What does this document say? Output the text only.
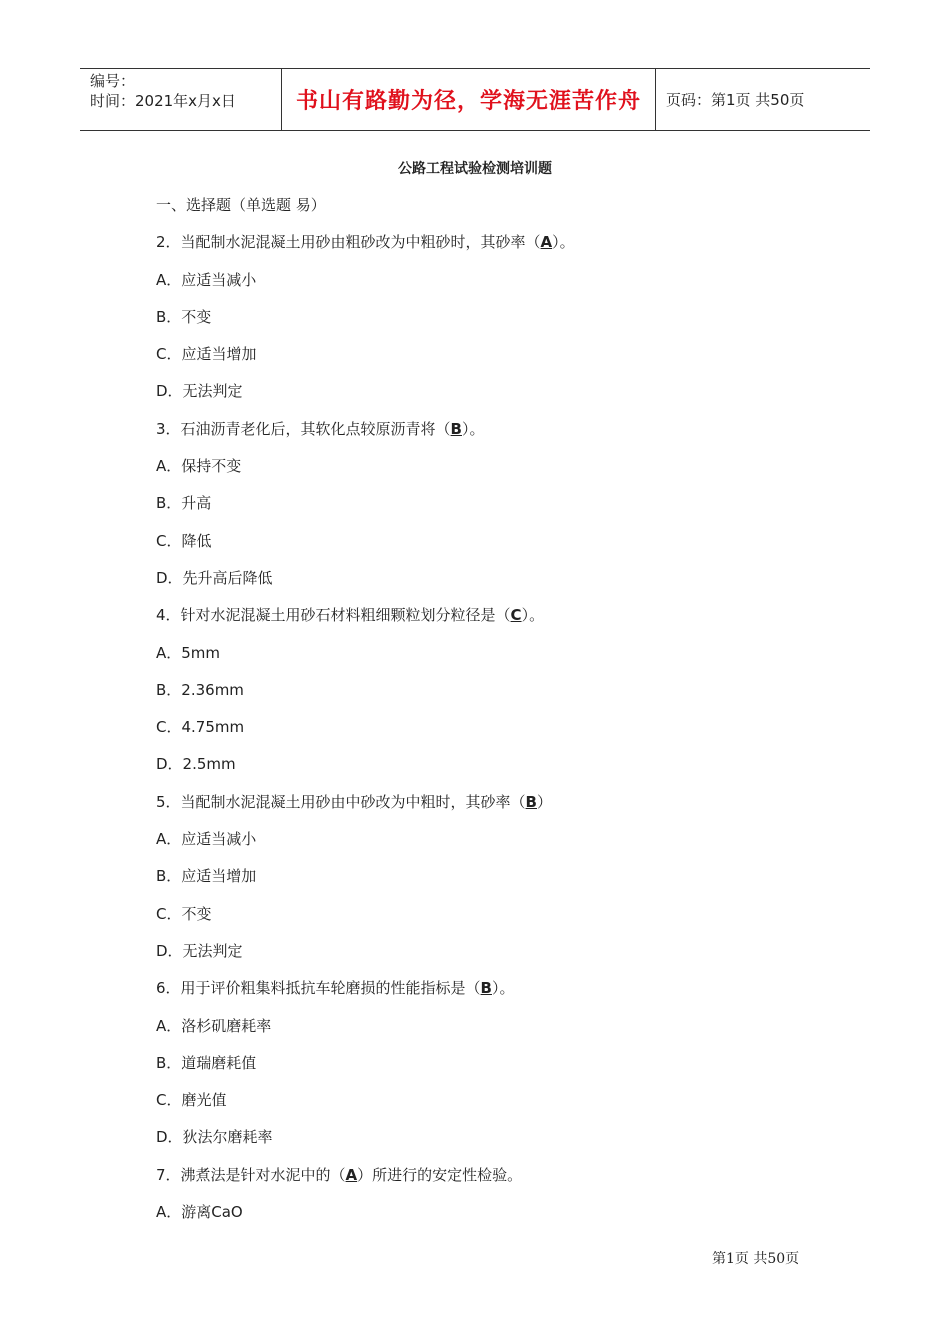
编号：
时间：2021年x月x日	书山有路勤为径，学海无涯苦作舟 页码：第1页 共50页
公路工程试验检测培训题
一、选择题（单选题 易）
2．当配制水泥混凝土用砂由粗砂改为中粗砂时，其砂率（A）。
A．应适当减小
B．不变
C．应适当增加
D．无法判定
3．石油沥青老化后，其软化点较原沥青将（B）。
A．保持不变
B．升高
C．降低
D．先升高后降低
4．针对水泥混凝土用砂石材料粗细颗粒划分粒径是（C）。
A．5mm
B．2.36mm
C．4.75mm
D．2.5mm
5．当配制水泥混凝土用砂由中砂改为中粗时，其砂率（B）
A．应适当减小
B．应适当增加
C．不变
D．无法判定
6．用于评价粗集料抵抗车轮磨损的性能指标是（B）。
A．洛杉矶磨耗率
B．道瑞磨耗值
C．磨光值
D．狄法尔磨耗率
7．沸煮法是针对水泥中的（A）所进行的安定性检验。
A．游离CaO
第1页 共50页
